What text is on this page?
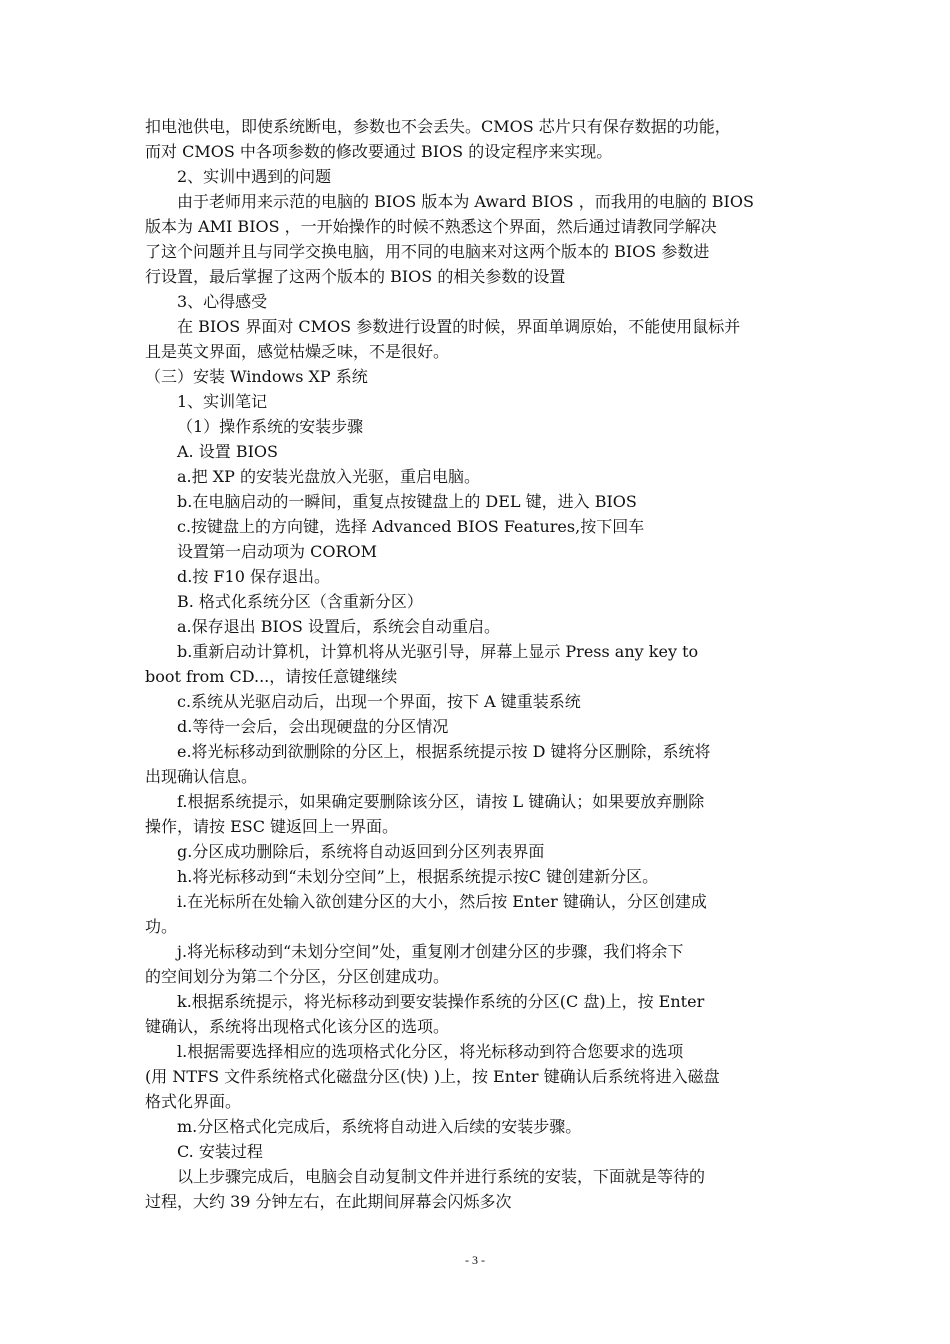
扣电池供电，即使系统断电，参数也不会丢失。CMOS 芯片只有保存数据的功能，
而对 CMOS 中各项参数的修改要通过 BIOS 的设定程序来实现。
2、实训中遇到的问题
由于老师用来示范的电脑的 BIOS 版本为 Award BIOS ，而我用的电脑的 BIOS
版本为 AMI BIOS ，一开始操作的时候不熟悉这个界面，然后通过请教同学解决
了这个问题并且与同学交换电脑，用不同的电脑来对这两个版本的 BIOS 参数进
行设置，最后掌握了这两个版本的 BIOS 的相关参数的设置
3、心得感受
在 BIOS 界面对 CMOS 参数进行设置的时候，界面单调原始，不能使用鼠标并
且是英文界面，感觉枯燥乏味，不是很好。
（三）安装 Windows XP 系统
1、实训笔记
（1）操作系统的安装步骤
A. 设置 BIOS
a.把 XP 的安装光盘放入光驱，重启电脑。
b.在电脑启动的一瞬间，重复点按键盘上的 DEL 键，进入 BIOS
c.按键盘上的方向键，选择 Advanced BIOS Features,按下回车
设置第一启动项为 COROM
d.按 F10 保存退出。
B. 格式化系统分区（含重新分区）
a.保存退出 BIOS 设置后，系统会自动重启。
b.重新启动计算机，计算机将从光驱引导，屏幕上显示 Press any key to
boot from CD...，请按任意键继续
c.系统从光驱启动后，出现一个界面，按下 A 键重装系统
d.等待一会后，会出现硬盘的分区情况
e.将光标移动到欲删除的分区上，根据系统提示按 D 键将分区删除，系统将
出现确认信息。
f.根据系统提示，如果确定要删除该分区，请按 L 键确认；如果要放弃删除
操作，请按 ESC 键返回上一界面。
g.分区成功删除后，系统将自动返回到分区列表界面
h.将光标移动到“未划分空间”上，根据系统提示按C 键创建新分区。
i.在光标所在处输入欲创建分区的大小，然后按 Enter 键确认，分区创建成
功。
j.将光标移动到“未划分空间”处，重复刚才创建分区的步骤，我们将余下
的空间划分为第二个分区，分区创建成功。
k.根据系统提示，将光标移动到要安装操作系统的分区(C 盘)上，按 Enter
键确认，系统将出现格式化该分区的选项。
l.根据需要选择相应的选项格式化分区，将光标移动到符合您要求的选项
(用 NTFS 文件系统格式化磁盘分区(快) )上，按 Enter 键确认后系统将进入磁盘
格式化界面。
m.分区格式化完成后，系统将自动进入后续的安装步骤。
C. 安装过程
以上步骤完成后，电脑会自动复制文件并进行系统的安装，下面就是等待的
过程，大约 39 分钟左右，在此期间屏幕会闪烁多次
- 3 -
